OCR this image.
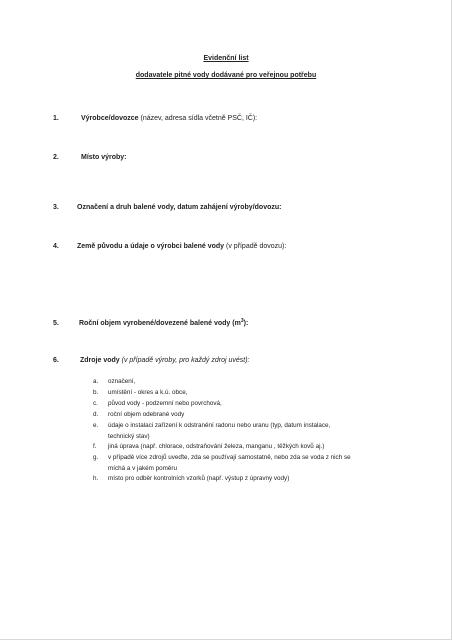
Evidenční list
dodavatele pitné vody dodávané pro veřejnou potřebu
1.	Výrobce/dovozce (název, adresa sídla včetně PSČ, IČ):
2.	Místo výroby:
3.	Označení a druh balené vody, datum zahájení výroby/dovozu:
4.	Země původu a údaje o výrobci balené vody (v případě dovozu):
5.	Roční objem vyrobené/dovezené balené vody $(m^3)$:
6.	Zdroje vody (v případě výroby, pro každý zdroj uvést):
a. označení,
b. umístění - okres a k.ú. obce,
c. původ vody - podzemní nebo povrchová,
d. roční objem odebrané vody
e. údaje o instalaci zařízení k odstranění radonu nebo uranu (typ, datum instalace,
technický stav)
f. jiná úprava (např. chlorace, odstraňování železa, manganu , těžkých kovů aj.)
g. v případě více zdrojů uveďte, zda se používají samostatně, nebo zda se voda z nich se
míchá a v jakém poměru
h. místo pro odběr kontrolních vzorků (např. výstup z úpravny vody)
